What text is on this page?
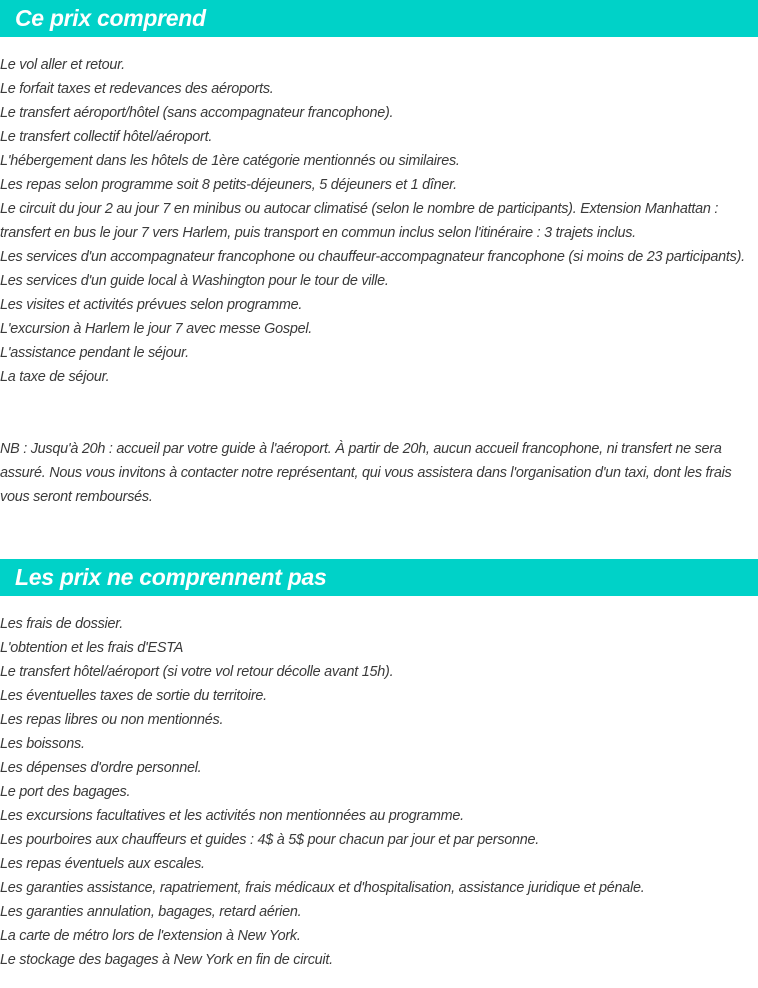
Ce prix comprend
Le vol aller et retour.
Le forfait taxes et redevances des aéroports.
Le transfert aéroport/hôtel (sans accompagnateur francophone).
Le transfert collectif hôtel/aéroport.
L'hébergement dans les hôtels de 1ère catégorie mentionnés ou similaires.
Les repas selon programme soit 8 petits-déjeuners, 5 déjeuners et 1 dîner.
Le circuit du jour 2 au jour 7 en minibus ou autocar climatisé (selon le nombre de participants). Extension Manhattan : transfert en bus le jour 7 vers Harlem, puis transport en commun inclus selon l'itinéraire : 3 trajets inclus.
Les services d'un accompagnateur francophone ou chauffeur-accompagnateur francophone (si moins de 23 participants).
Les services d'un guide local à Washington pour le tour de ville.
Les visites et activités prévues selon programme.
L'excursion à Harlem le jour 7 avec messe Gospel.
L'assistance pendant le séjour.
La taxe de séjour.

NB : Jusqu'à 20h : accueil par votre guide à l'aéroport. À partir de 20h, aucun accueil francophone, ni transfert ne sera assuré. Nous vous invitons à contacter notre représentant, qui vous assistera dans l'organisation d'un taxi, dont les frais vous seront remboursés.

Les prix ne comprennent pas
Les frais de dossier.
L'obtention et les frais d'ESTA
Le transfert hôtel/aéroport (si votre vol retour décolle avant 15h).
Les éventuelles taxes de sortie du territoire.
Les repas libres ou non mentionnés.
Les boissons.
Les dépenses d'ordre personnel.
Le port des bagages.
Les excursions facultatives et les activités non mentionnées au programme.
Les pourboires aux chauffeurs et guides : 4$ à 5$ pour chacun par jour et par personne.
Les repas éventuels aux escales.
Les garanties assistance, rapatriement, frais médicaux et d'hospitalisation, assistance juridique et pénale.
Les garanties annulation, bagages, retard aérien.
La carte de métro lors de l'extension à New York.
Le stockage des bagages à New York en fin de circuit.
